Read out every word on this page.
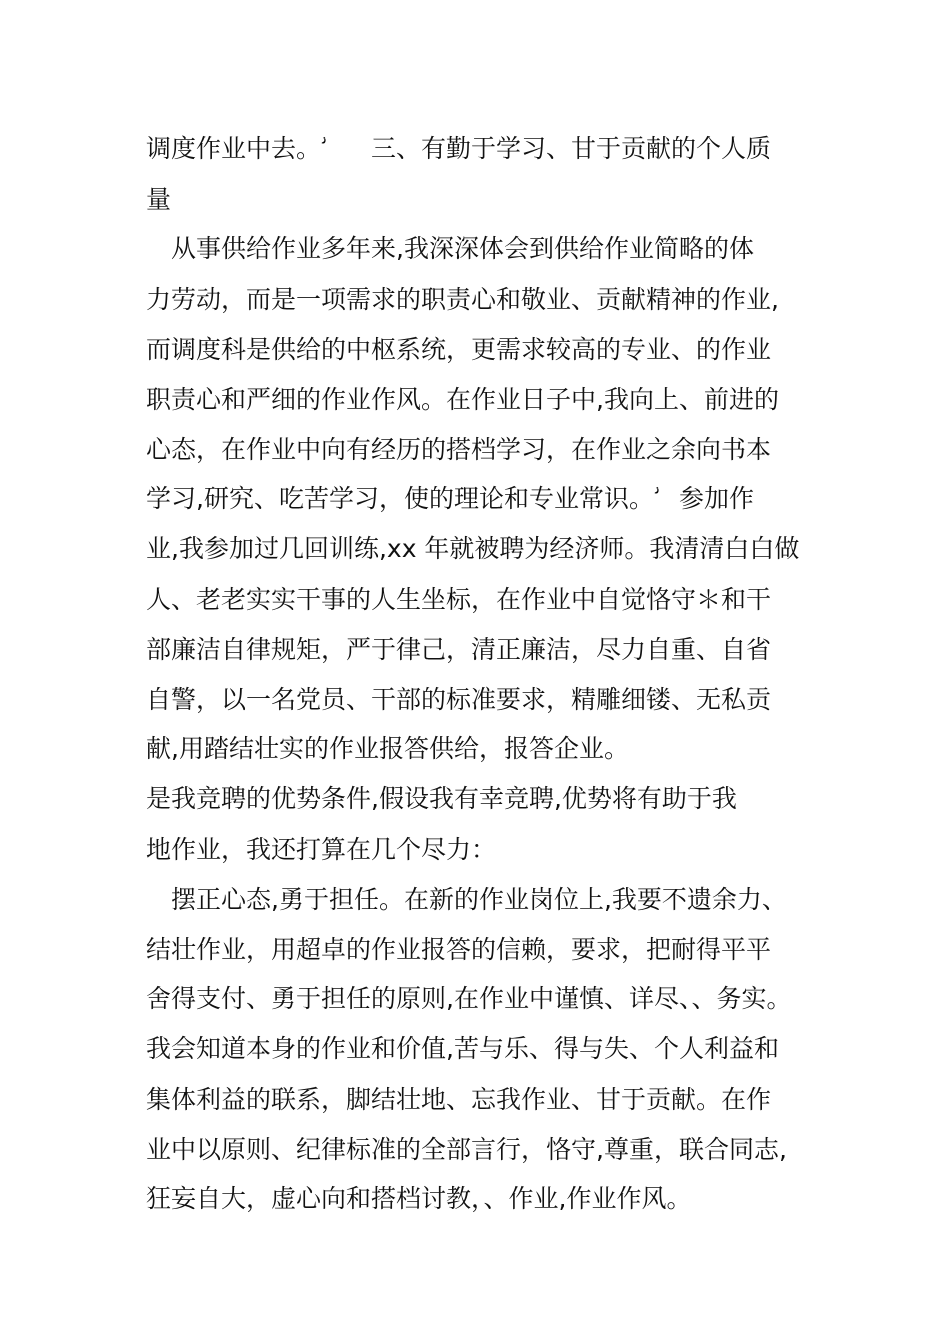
调度作业中去。　　三、有勤于学习、甘于贡献的个人质
量
　从事供给作业多年来,我深深体会到供给作业简略的体
力劳动，而是一项需求的职责心和敬业、贡献精神的作业,
而调度科是供给的中枢系统，更需求较高的专业、的作业
职责心和严细的作业作风。在作业日子中,我向上、前进的
心态，在作业中向有经历的搭档学习，在作业之余向书本
学习,研究、吃苦学习，使的理论和专业常识。　参加作
业,我参加过几回训练,xx 年就被聘为经济师。我清清白白做
人、老老实实干事的人生坐标，在作业中自觉恪守＊和干
部廉洁自律规矩，严于律己，清正廉洁，尽力自重、自省
自警，以一名党员、干部的标准要求，精雕细镂、无私贡
献,用踏结壮实的作业报答供给，报答企业。
是我竞聘的优势条件,假设我有幸竞聘,优势将有助于我
地作业，我还打算在几个尽力：
　摆正心态,勇于担任。在新的作业岗位上,我要不遗余力、
结壮作业，用超卓的作业报答的信赖，要求，把耐得平平
舍得支付、勇于担任的原则,在作业中谨慎、详尽、、务实。
我会知道本身的作业和价值,苦与乐、得与失、个人利益和
集体利益的联系，脚结壮地、忘我作业、甘于贡献。在作
业中以原则、纪律标准的全部言行，恪守,尊重，联合同志,
狂妄自大，虚心向和搭档讨教，、作业,作业作风。
